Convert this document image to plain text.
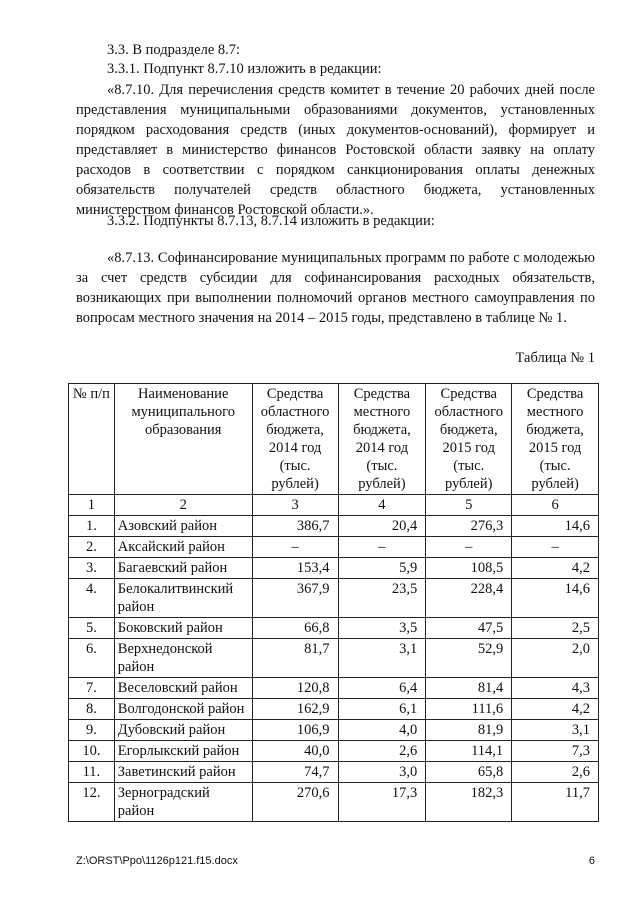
3.3. В подразделе 8.7:

3.3.1. Подпункт 8.7.10 изложить в редакции:

«8.7.10. Для перечисления средств комитет в течение 20 рабочих дней после представления муниципальными образованиями документов, установленных порядком расходования средств (иных документов-оснований), формирует и представляет в министерство финансов Ростовской области заявку на оплату расходов в соответствии с порядком санкционирования оплаты денежных обязательств получателей средств областного бюджета, установленных министерством финансов Ростовской области.».

3.3.2. Подпункты 8.7.13, 8.7.14 изложить в редакции:

«8.7.13. Софинансирование муниципальных программ по работе с молодежью за счет средств субсидии для софинансирования расходных обязательств, возникающих при выполнении полномочий органов местного самоуправления по вопросам местного значения на 2014 – 2015 годы, представлено в таблице № 1.

Таблица № 1
№ п/п	Наименование муниципального образования	Средства областного бюджета, 2014 год (тыс. рублей)	Средства местного бюджета, 2014 год (тыс. рублей)	Средства областного бюджета, 2015 год (тыс. рублей)	Средства местного бюджета, 2015 год (тыс. рублей)
1	2	3	4	5	6
1.	Азовский район	386,7	20,4	276,3	14,6
2.	Аксайский район	–	–	–	–
3.	Багаевский район	153,4	5,9	108,5	4,2
4.	Белокалитвинский район	367,9	23,5	228,4	14,6
5.	Боковский район	66,8	3,5	47,5	2,5
6.	Верхнедонской район	81,7	3,1	52,9	2,0
7.	Веселовский район	120,8	6,4	81,4	4,3
8.	Волгодонской район	162,9	6,1	111,6	4,2
9.	Дубовский район	106,9	4,0	81,9	3,1
10.	Егорлыкский район	40,0	2,6	114,1	7,3
11.	Заветинский район	74,7	3,0	65,8	2,6
12.	Зерноградский район	270,6	17,3	182,3	11,7
Z:\ORST\Ppo\1126p121.f15.docx	6
